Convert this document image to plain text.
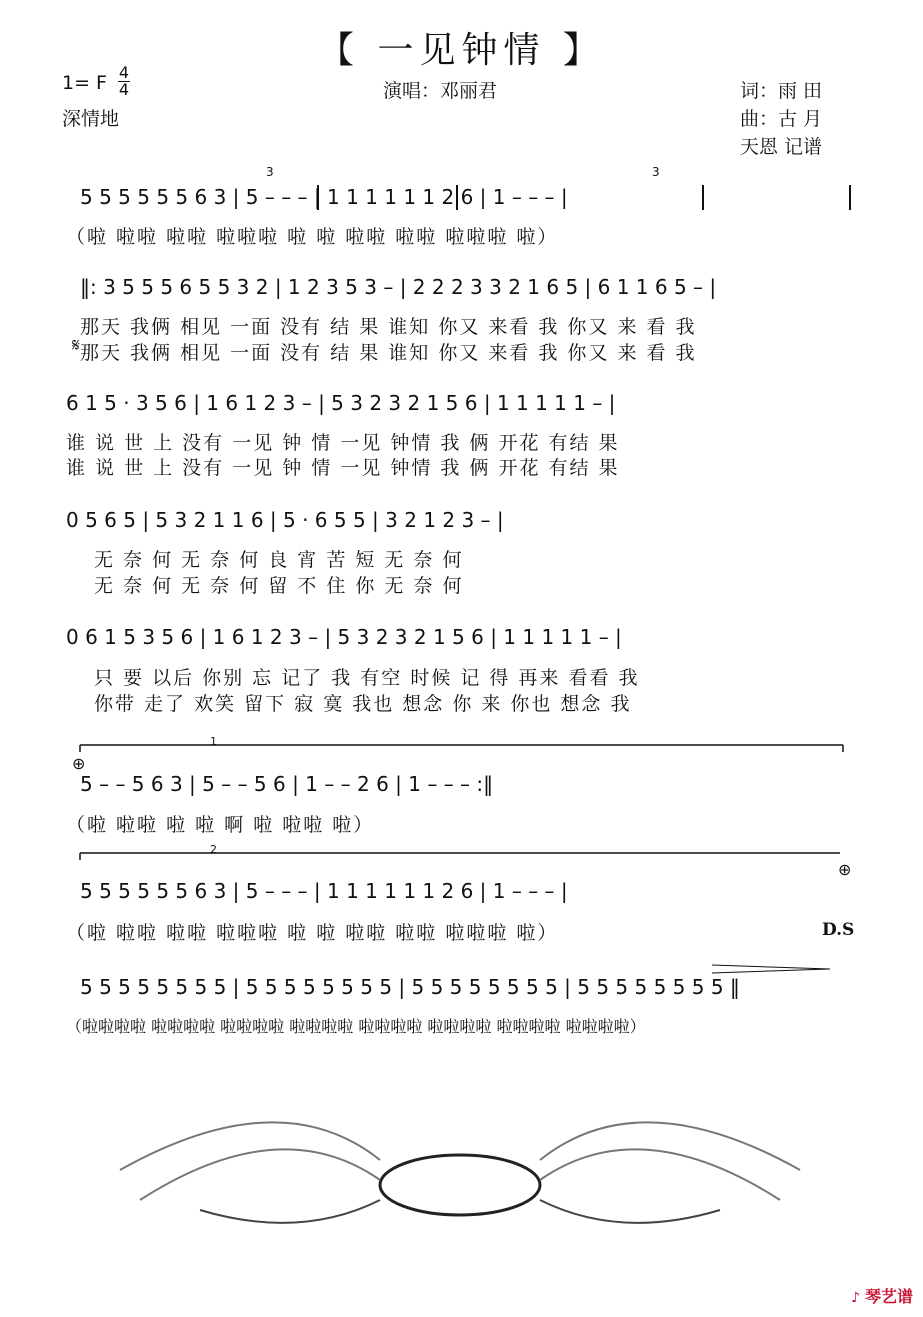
【 一见钟情 】
1= F 4
4
深情地
演唱：邓丽君	词：雨 田
曲：古 月
天恩 记谱
5 5 5 5 5 5 6 3 | 5 – – – | 1 1 1 1 1 1 2 6 | 1 – – – |
‖: 3 5 5 5 6 5 5 3 2 | 1 2 3 5 3 – | 2 2 2 3 3 2 1 6 5 | 6 1 1 6 5 – |
6 1 5 · 3 5 6 | 1 6 1 2 3 – | 5 3 2 3 2 1 5 6 | 1 1 1 1 1 – |
0 5 6 5 | 5 3 2 1 1 6 | 5 · 6 5 5 | 3 2 1 2 3 – |
0 6 1 5 3 5 6 | 1 6 1 2 3 – | 5 3 2 3 2 1 5 6 | 1 1 1 1 1 – |
5 – – 5 6 3 | 5 – – 5 6 | 1 – – 2 6 | 1 – – – :‖
5 5 5 5 5 5 6 3 | 5 – – – | 1 1 1 1 1 1 2 6 | 1 – – – |
5 5 5 5 5 5 5 5 | 5 5 5 5 5 5 5 5 | 5 5 5 5 5 5 5 5 | 5 5 5 5 5 5 5 5 ‖
（啦 啦啦 啦啦 啦啦啦 啦 啦 啦啦 啦啦 啦啦啦 啦）
那天 我俩 相见 一面 没有 结 果 谁知 你又 来看 我 你又 来 看 我
那天 我俩 相见 一面 没有 结 果 谁知 你又 来看 我 你又 来 看 我
谁 说 世 上 没有 一见 钟 情 一见 钟情 我 俩 开花 有结 果
谁 说 世 上 没有 一见 钟 情 一见 钟情 我 俩 开花 有结 果
无 奈 何 无 奈 何 良 宵 苦 短 无 奈 何
无 奈 何 无 奈 何 留 不 住 你 无 奈 何
只 要 以后 你别 忘 记了 我 有空 时候 记 得 再来 看看 我
你带 走了 欢笑 留下 寂 寞 我也 想念 你 来 你也 想念 我
（啦 啦啦 啦 啦 啊 啦 啦啦 啦）
（啦 啦啦 啦啦 啦啦啦 啦 啦 啦啦 啦啦 啦啦啦 啦）
（啦啦啦啦 啦啦啦啦 啦啦啦啦 啦啦啦啦 啦啦啦啦 啦啦啦啦 啦啦啦啦 啦啦啦啦）
1
2
3	3
D.S
𝄋
⊕
⊕
♪ 琴艺谱
